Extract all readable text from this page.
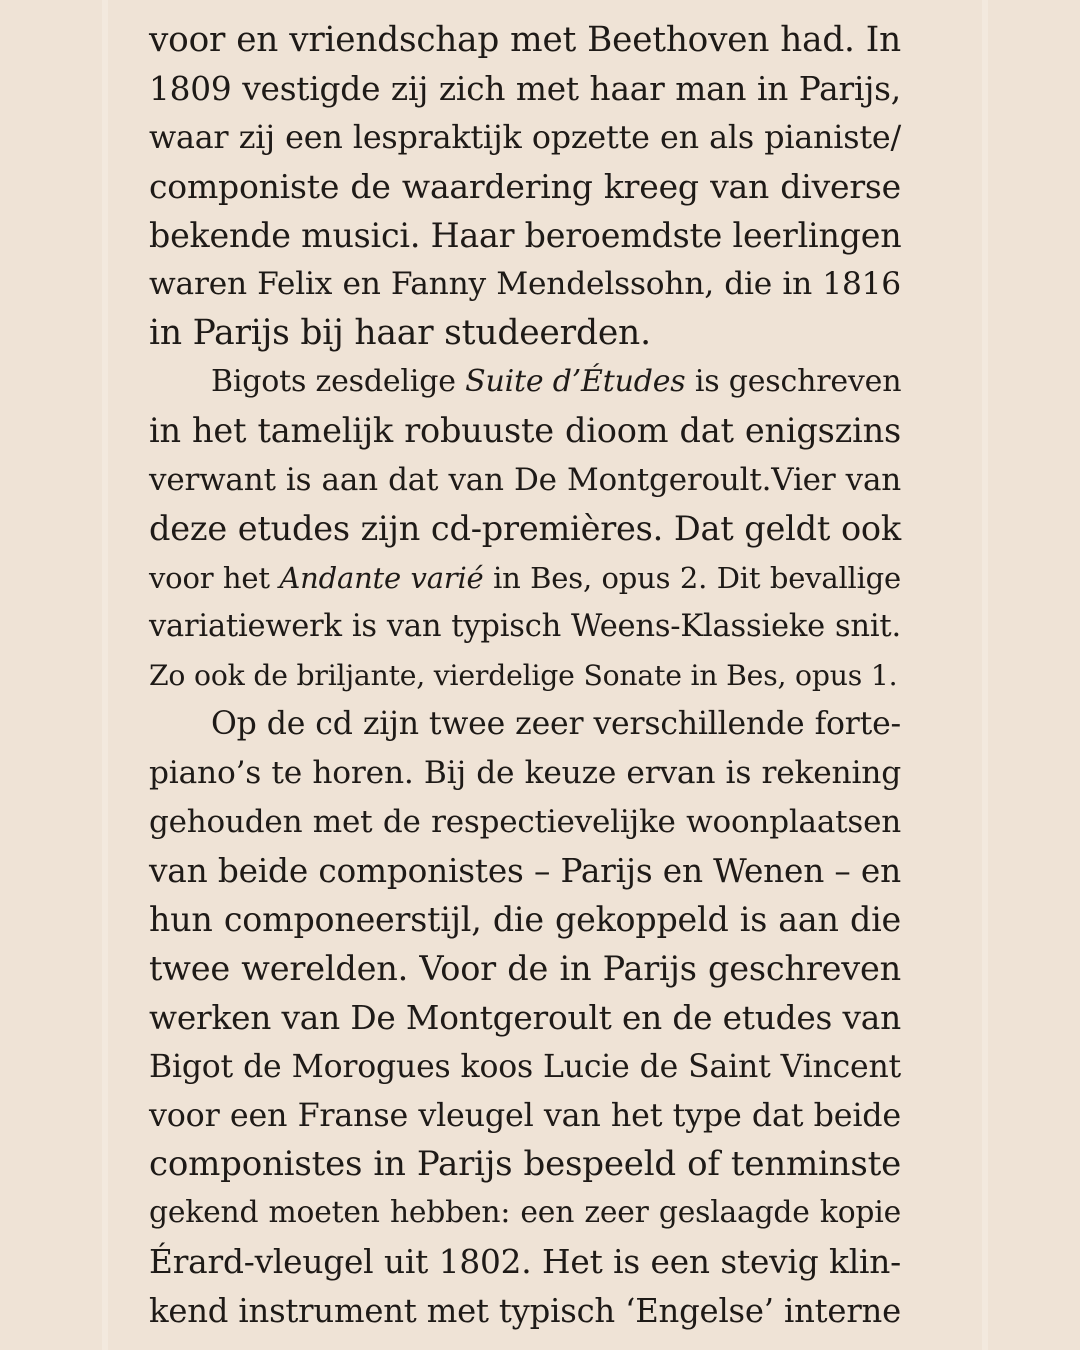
voor en vriendschap met Beethoven had. In
1809 vestigde zij zich met haar man in Parijs,
waar zij een lespraktijk opzette en als pianiste/
componiste de waardering kreeg van diverse
bekende musici. Haar beroemdste leerlingen
waren Felix en Fanny Mendelssohn, die in 1816
in Parijs bij haar studeerden.
Bigots zesdelige Suite d’Études is geschreven
in het tamelijk robuuste dioom dat enigszins
verwant is aan dat van De Montgeroult.Vier van
deze etudes zijn cd-premières. Dat geldt ook
voor het Andante varié in Bes, opus 2. Dit bevallige
variatiewerk is van typisch Weens-Klassieke snit.
Zo ook de briljante, vierdelige Sonate in Bes, opus 1.
Op de cd zijn twee zeer verschillende forte-
piano’s te horen. Bij de keuze ervan is rekening
gehouden met de respectievelijke woonplaatsen
van beide componistes – Parijs en Wenen – en
hun componeerstijl, die gekoppeld is aan die
twee werelden. Voor de in Parijs geschreven
werken van De Montgeroult en de etudes van
Bigot de Morogues koos Lucie de Saint Vincent
voor een Franse vleugel van het type dat beide
componistes in Parijs bespeeld of tenminste
gekend moeten hebben: een zeer geslaagde kopie
Érard-vleugel uit 1802. Het is een stevig klin-
kend instrument met typisch ‘Engelse’ interne
